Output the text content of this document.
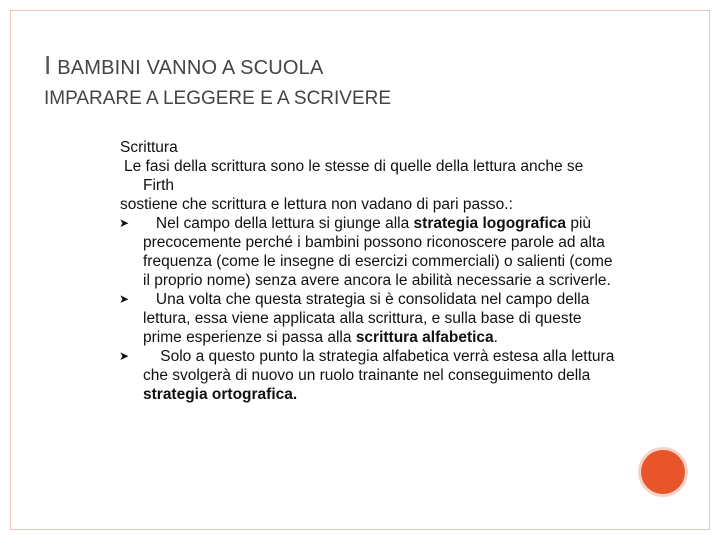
I BAMBINI VANNO A SCUOLA
IMPARARE A LEGGERE E A SCRIVERE
Scrittura
Le fasi della scrittura sono le stesse di quelle della lettura anche se
Firth
sostiene che scrittura e lettura non vadano di pari passo.:
➤	Nel campo della lettura si giunge alla strategia logografica più
precocemente perché i bambini possono riconoscere parole ad alta
frequenza (come le insegne di esercizi commerciali) o salienti (come
il proprio nome) senza avere ancora le abilità necessarie a scriverle.
➤	Una volta che questa strategia si è consolidata nel campo della
lettura, essa viene applicata alla scrittura, e sulla base di queste
prime esperienze si passa alla scrittura alfabetica.
➤	Solo a questo punto la strategia alfabetica verrà estesa alla lettura
che svolgerà di nuovo un ruolo trainante nel conseguimento della
strategia ortografica.
